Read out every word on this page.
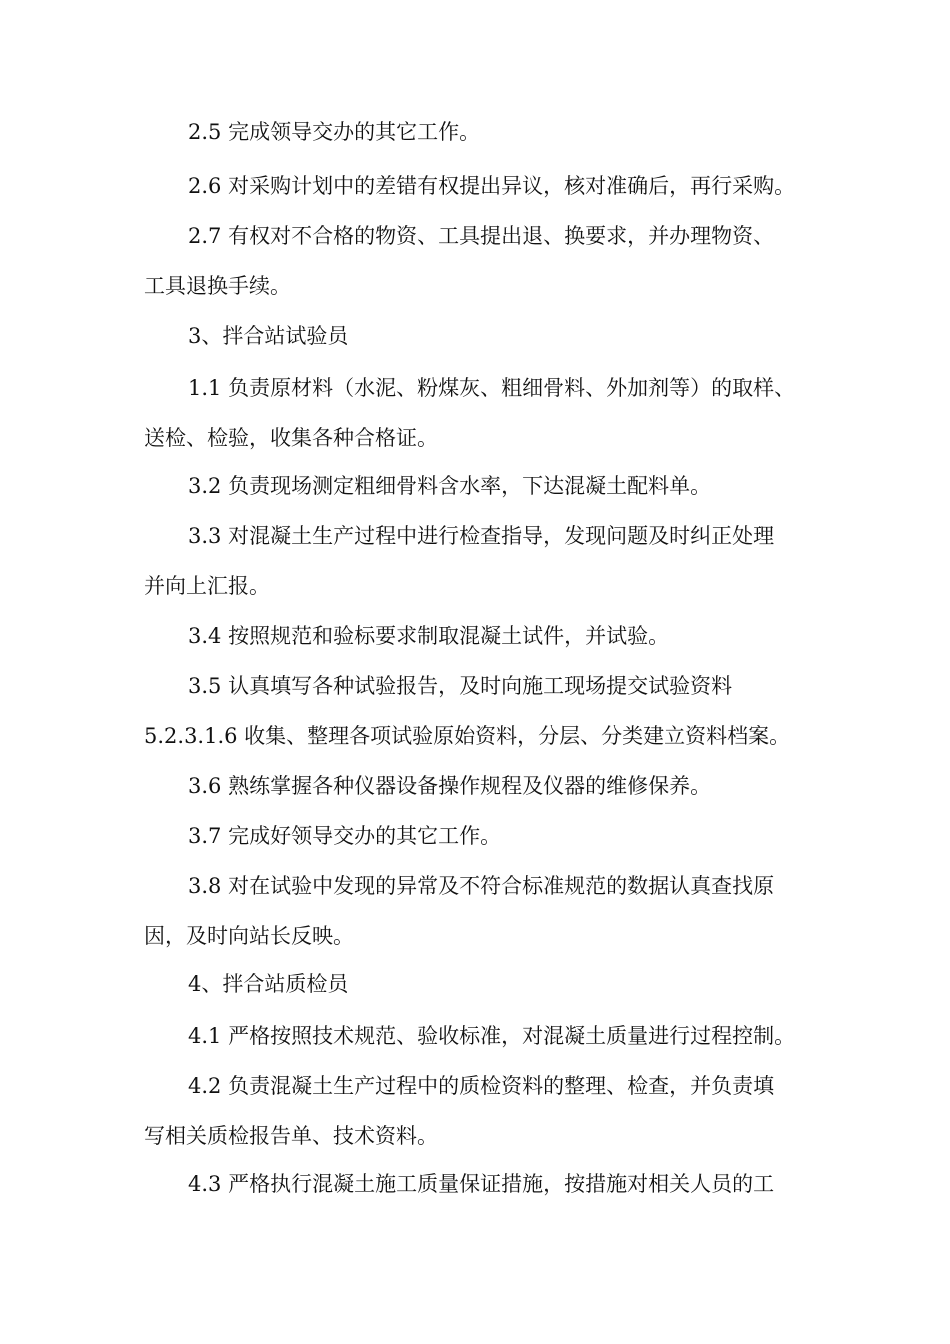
2.5 完成领导交办的其它工作。
2.6 对采购计划中的差错有权提出异议，核对准确后，再行采购。
2.7 有权对不合格的物资、工具提出退、换要求，并办理物资、
工具退换手续。
3、拌合站试验员
1.1 负责原材料（水泥、粉煤灰、粗细骨料、外加剂等）的取样、
送检、检验，收集各种合格证。
3.2 负责现场测定粗细骨料含水率，下达混凝土配料单。
3.3 对混凝土生产过程中进行检查指导，发现问题及时纠正处理
并向上汇报。
3.4 按照规范和验标要求制取混凝土试件，并试验。
3.5 认真填写各种试验报告，及时向施工现场提交试验资料
5.2.3.1.6 收集、整理各项试验原始资料，分层、分类建立资料档案。
3.6 熟练掌握各种仪器设备操作规程及仪器的维修保养。
3.7 完成好领导交办的其它工作。
3.8 对在试验中发现的异常及不符合标准规范的数据认真查找原
因，及时向站长反映。
4、拌合站质检员
4.1 严格按照技术规范、验收标准，对混凝土质量进行过程控制。
4.2 负责混凝土生产过程中的质检资料的整理、检查，并负责填
写相关质检报告单、技术资料。
4.3 严格执行混凝土施工质量保证措施，按措施对相关人员的工
